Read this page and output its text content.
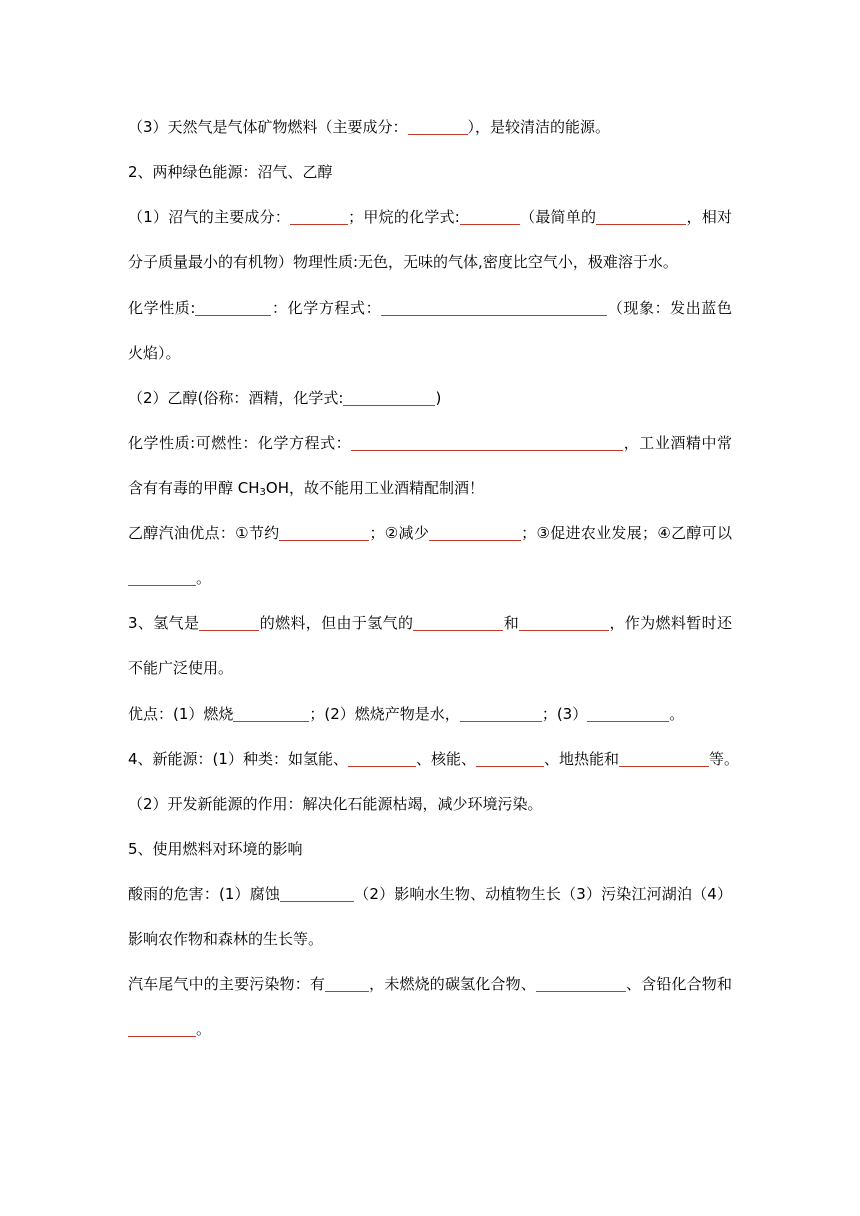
（3）天然气是气体矿物燃料（主要成分：	），是较清洁的能源。
2、两种绿色能源：沼气、乙醇
（1）沼气的主要成分：	；甲烷的化学式:	（最简单的	，相对
分子质量最小的有机物）物理性质:无色，无味的气体,密度比空气小，极难溶于水。
化学性质:	：化学方程式：	（现象：发出蓝色
火焰）。
（2）乙醇(俗称：酒精，化学式:	)
化学性质:可燃性：化学方程式：	，工业酒精中常
含有有毒的甲醇 $CH_3OH$，故不能用工业酒精配制酒！
乙醇汽油优点：①节约	；②减少	；③促进农业发展；④乙醇可以
。
3、氢气是	的燃料，但由于氢气的	和	，作为燃料暂时还
不能广泛使用。
优点：(1）燃烧	；(2）燃烧产物是水，	；(3）	。
4、新能源：(1）种类：如氢能、	、核能、	、地热能和	等。
（2）开发新能源的作用：解决化石能源枯竭，减少环境污染。
5、使用燃料对环境的影响
酸雨的危害：(1）腐蚀	（2）影响水生物、动植物生长（3）污染江河湖泊（4）
影响农作物和森林的生长等。
汽车尾气中的主要污染物：有	，未燃烧的碳氢化合物、	、含铅化合物和
。
